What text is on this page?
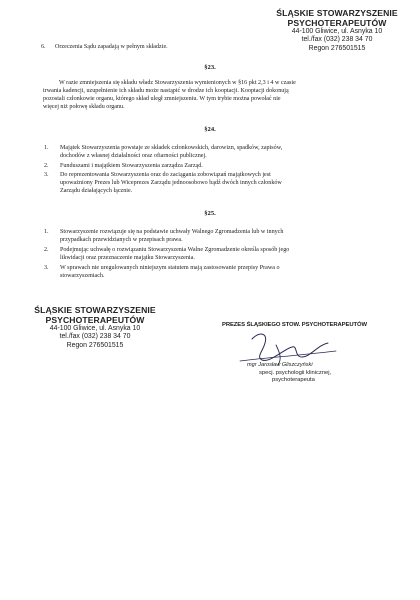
ŚLĄSKIE STOWARZYSZENIE
PSYCHOTERAPEUTÓW
44-100 Gliwice, ul. Asnyka 10
tel./fax (032) 238 34 70
Regon 276501515
6. Orzeczenia Sądu zapadają w pełnym składzie.
§23.
W razie zmniejszenia się składu władz Stowarzyszenia wymienionych w §16 pkt 2,3 i 4 w czasie
trwania kadencji, uzupełnienie ich składu może nastąpić w drodze ich kooptacji. Kooptacji dokonują
pozostali członkowie organu, którego skład uległ zmniejszeniu. W tym trybie można powołać nie
więcej niż połowę składu organu.
§24.
1. Majątek Stowarzyszenia powstaje ze składek członkowskich, darowizn, spadków, zapisów,
dochodów z własnej działalności oraz ofiarności publicznej.
2. Funduszami i majątkiem Stowarzyszenia zarządza Zarząd.
3. Do reprezentowania Stowarzyszenia oraz do zaciągania zobowiązań majątkowych jest
upoważniony Prezes lub Wiceprezes Zarządu jednoosobowo bądź dwóch innych członków
Zarządu działających łącznie.
§25.
1. Stowarzyszenie rozwiązuje się na podstawie uchwały Walnego Zgromadzenia lub w innych
przypadkach przewidzianych w przepisach prawa.
2. Podejmując uchwałę o rozwiązaniu Stowarzyszenia Walne Zgromadzenie określa sposób jego
likwidacji oraz przeznaczenie majątku Stowarzyszenia.
3. W sprawach nie uregulowanych niniejszym statutem mają zastosowanie przepisy Prawa o
stowarzyszeniach.
ŚLĄSKIE STOWARZYSZENIE
PSYCHOTERAPEUTÓW
44-100 Gliwice, ul. Asnyka 10
tel./fax (032) 238 34 70
Regon 276501515
PREZES ŚLĄSKIEGO STOW. PSYCHOTERAPEUTÓW
mgr Jarosław Gliszczyński
specj. psychologii klinicznej,
psychoterapeuta
